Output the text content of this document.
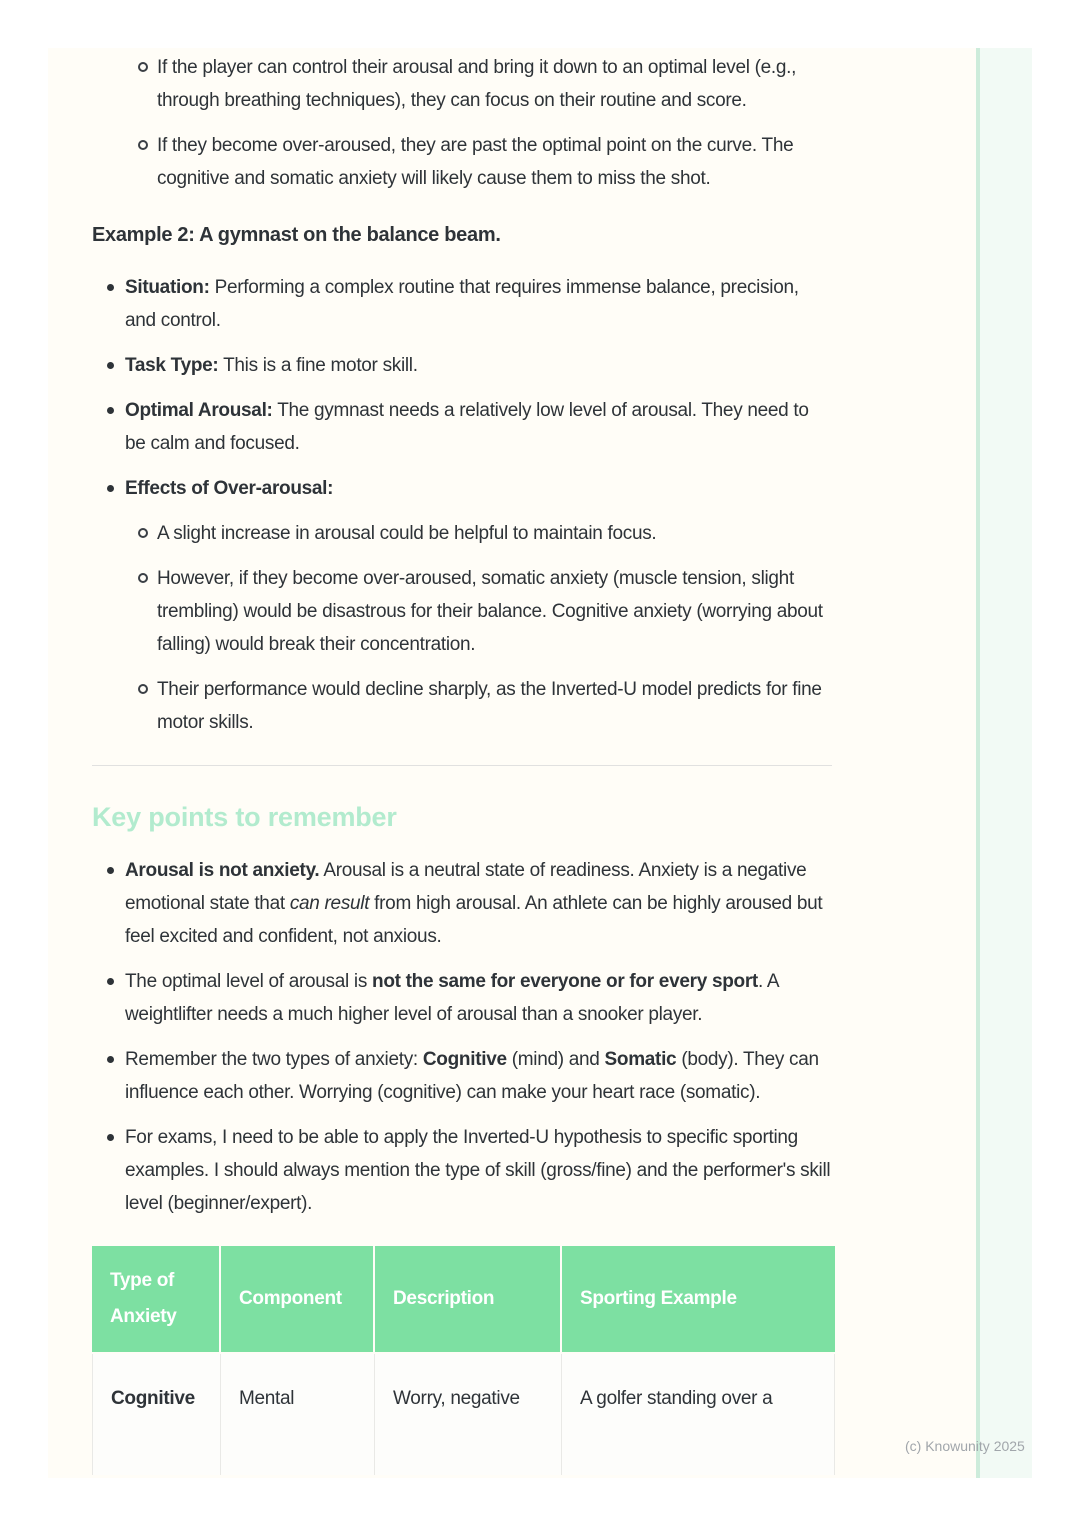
If the player can control their arousal and bring it down to an optimal level (e.g., through breathing techniques), they can focus on their routine and score.
If they become over-aroused, they are past the optimal point on the curve. The cognitive and somatic anxiety will likely cause them to miss the shot.
Example 2: A gymnast on the balance beam.
Situation: Performing a complex routine that requires immense balance, precision, and control.
Task Type: This is a fine motor skill.
Optimal Arousal: The gymnast needs a relatively low level of arousal. They need to be calm and focused.
Effects of Over-arousal:
A slight increase in arousal could be helpful to maintain focus.
However, if they become over-aroused, somatic anxiety (muscle tension, slight trembling) would be disastrous for their balance. Cognitive anxiety (worrying about falling) would break their concentration.
Their performance would decline sharply, as the Inverted-U model predicts for fine motor skills.
Key points to remember
Arousal is not anxiety. Arousal is a neutral state of readiness. Anxiety is a negative emotional state that can result from high arousal. An athlete can be highly aroused but feel excited and confident, not anxious.
The optimal level of arousal is not the same for everyone or for every sport. A weightlifter needs a much higher level of arousal than a snooker player.
Remember the two types of anxiety: Cognitive (mind) and Somatic (body). They can influence each other. Worrying (cognitive) can make your heart race (somatic).
For exams, I need to be able to apply the Inverted-U hypothesis to specific sporting examples. I should always mention the type of skill (gross/fine) and the performer's skill level (beginner/expert).
Type of Anxiety	Component	Description	Sporting Example
Cognitive	Mental	Worry, negative	A golfer standing over a
(c) Knowunity 2025
